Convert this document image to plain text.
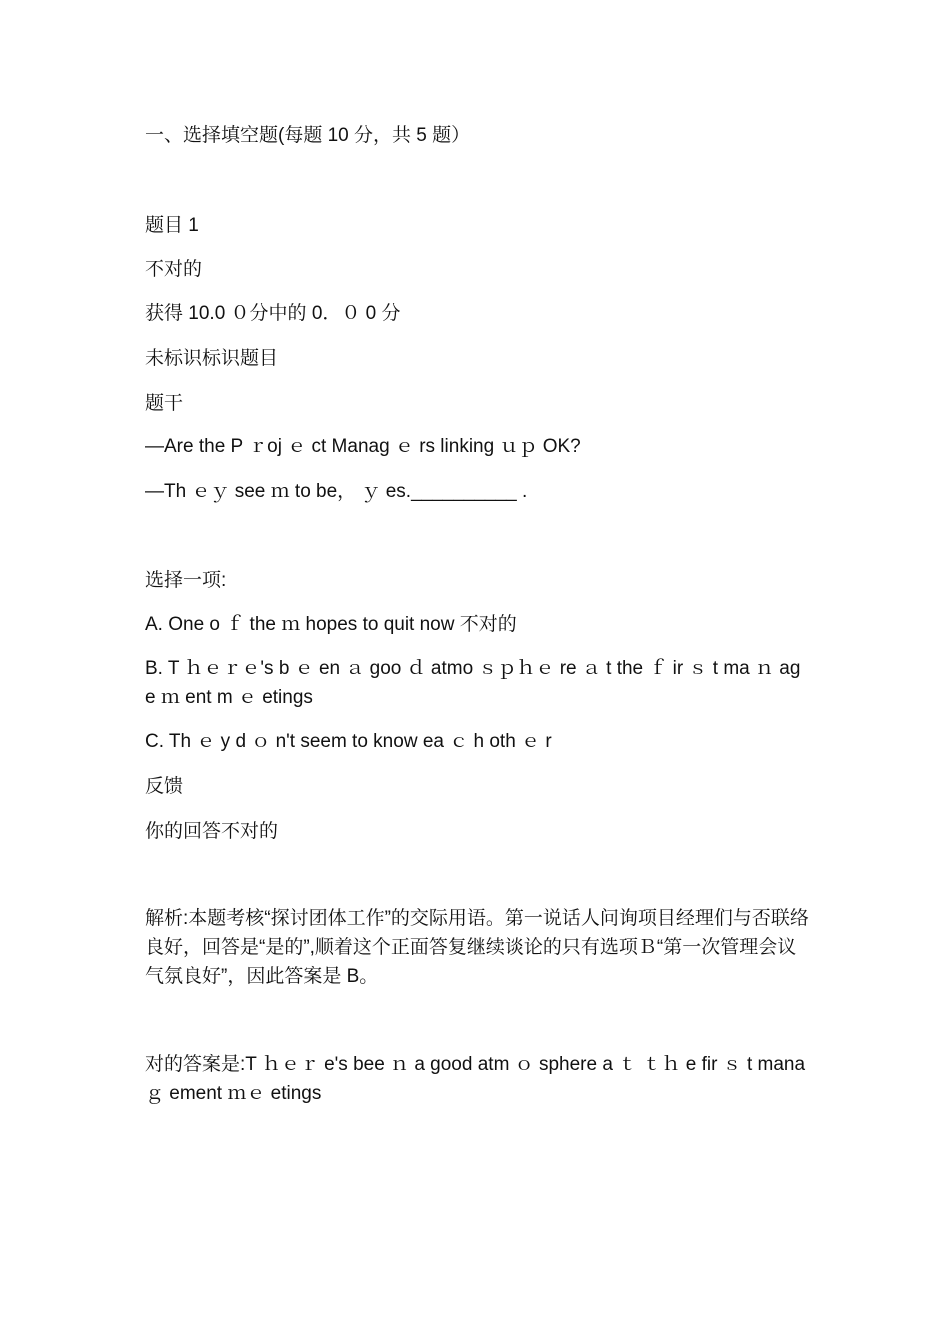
一、选择填空题(每题 10 分，共 5 题）
题目 1
不对的
获得 10.0 ０分中的 0．０ 0 分
未标识标识题目
题干
—Are the P ｒoj ｅ ct Manag ｅ rs linking ｕｐ OK?
—Th ｅｙ see ｍ to be， ｙ es.__________ .
选择一项:
A. One o ｆ the ｍ hopes to quit now 不对的
B. T ｈｅｒｅ's b ｅ en ａ goo ｄ atmo ｓｐｈｅ re ａ t the ｆ ir ｓ t ma ｎ age ｍ ent m ｅ etings
C. Th ｅ y d ｏ n't seem to know ea ｃ h oth ｅ r
反馈
你的回答不对的
解析:本题考核“探讨团体工作”的交际用语。第一说话人问询项目经理们与否联络良好，回答是“是的”,顺着这个正面答复继续谈论的只有选项Ｂ“第一次管理会议气氛良好”，因此答案是 B。
对的答案是:T ｈｅｒ e's bee ｎ a good atm ｏ sphere a ｔ ｔｈ e fir ｓ t mana ｇ ement ｍｅ etings
